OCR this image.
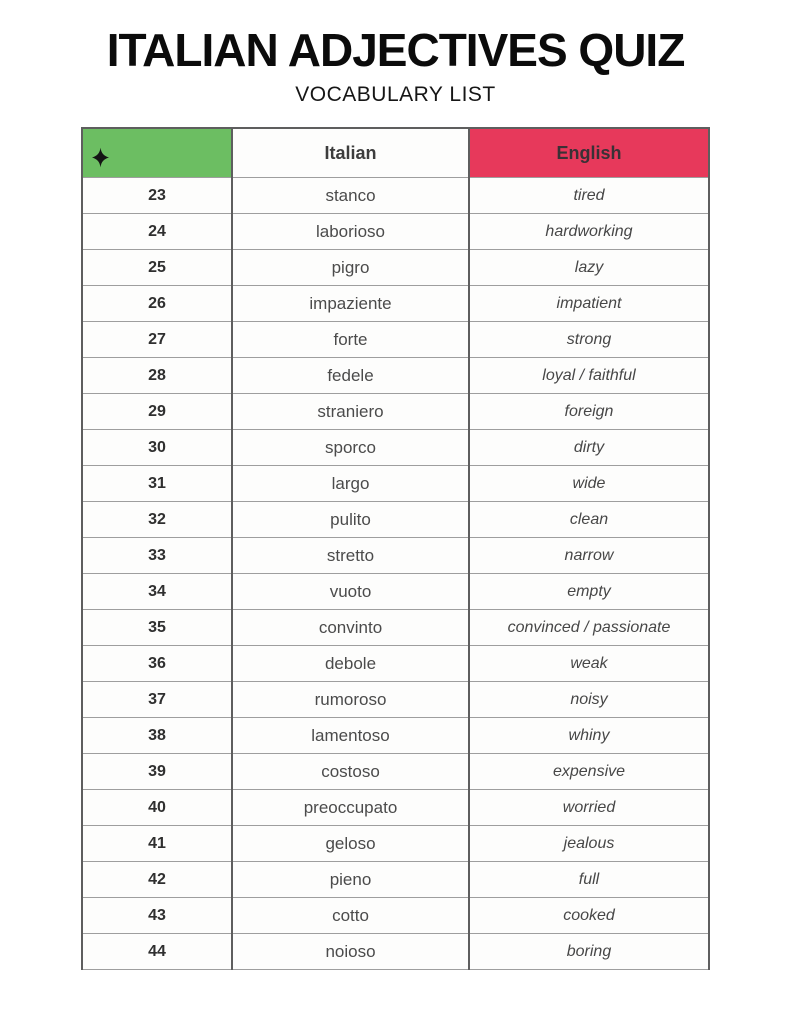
ITALIAN ADJECTIVES QUIZ
VOCABULARY LIST
	Italian	English
23	stanco	tired
24	laborioso	hardworking
25	pigro	lazy
26	impaziente	impatient
27	forte	strong
28	fedele	loyal / faithful
29	straniero	foreign
30	sporco	dirty
31	largo	wide
32	pulito	clean
33	stretto	narrow
34	vuoto	empty
35	convinto	convinced / passionate
36	debole	weak
37	rumoroso	noisy
38	lamentoso	whiny
39	costoso	expensive
40	preoccupato	worried
41	geloso	jealous
42	pieno	full
43	cotto	cooked
44	noioso	boring
